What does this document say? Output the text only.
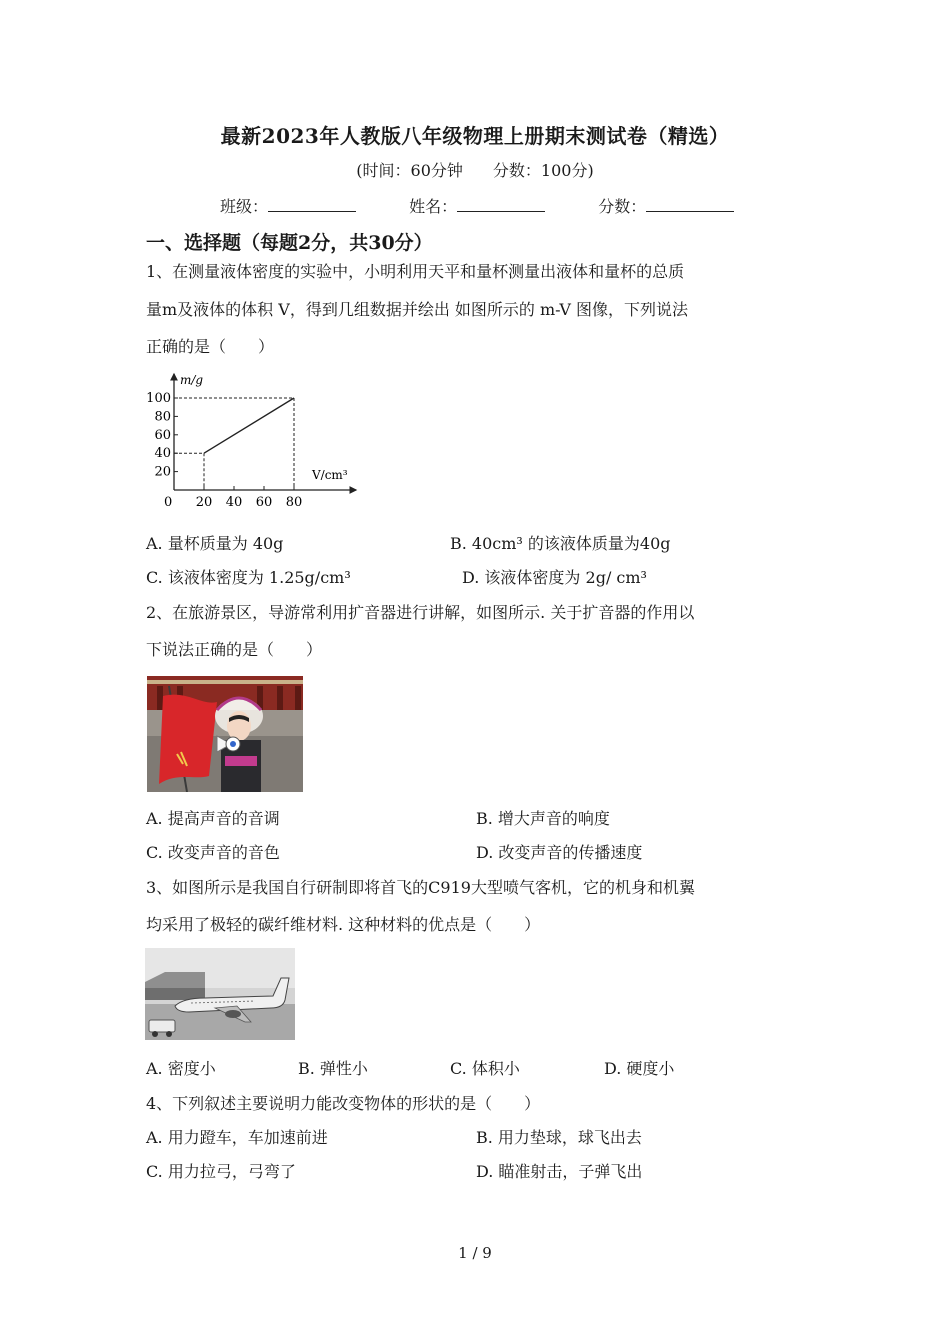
最新2023年人教版八年级物理上册期末测试卷（精选）
(时间：60分钟 分数：100分)
班级：	姓名：	分数：
一、选择题（每题2分，共30分）
1、在测量液体密度的实验中，小明利用天平和量杯测量出液体和量杯的总质
量m及液体的体积 V，得到几组数据并绘出 如图所示的 m-V 图像，下列说法
正确的是（　　）
m/g
V/cm³
0 20 40 60 80
20
40
60
80
100
A. 量杯质量为 40g	B. 40cm³ 的该液体质量为40g
C. 该液体密度为 1.25g/cm³	D. 该液体密度为 2g/ cm³
2、在旅游景区，导游常利用扩音器进行讲解，如图所示. 关于扩音器的作用以
下说法正确的是（　　）
A. 提高声音的音调	B. 增大声音的响度
C. 改变声音的音色	D. 改变声音的传播速度
3、如图所示是我国自行研制即将首飞的C919大型喷气客机，它的机身和机翼
均采用了极轻的碳纤维材料. 这种材料的优点是（　　）
A. 密度小	B. 弹性小	C. 体积小	D. 硬度小
4、下列叙述主要说明力能改变物体的形状的是（　　）
A. 用力蹬车，车加速前进	B. 用力垫球，球飞出去
C. 用力拉弓，弓弯了	D. 瞄准射击，子弹飞出
1 / 9
